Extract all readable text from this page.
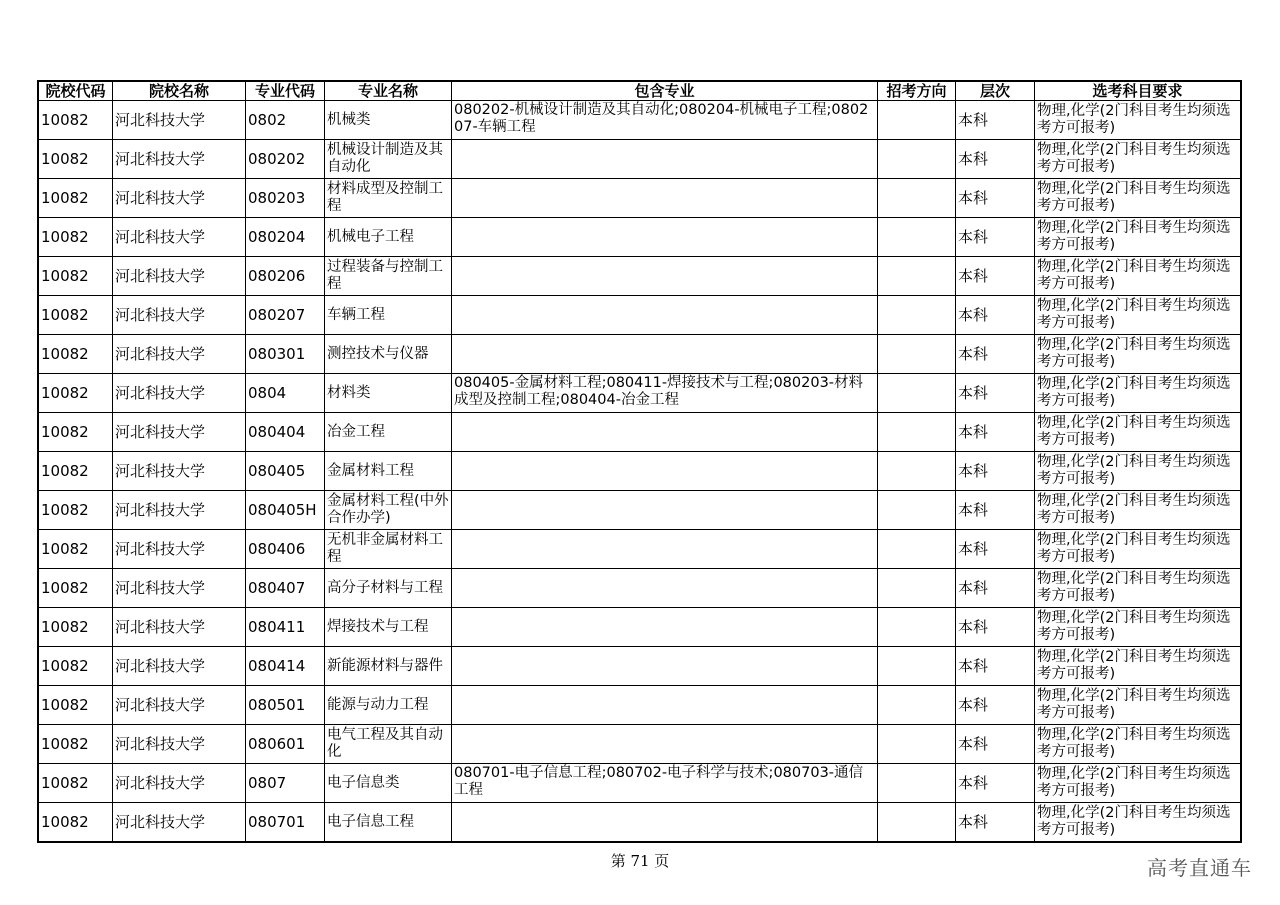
院校代码	院校名称	专业代码	专业名称	包含专业	招考方向	层次	选考科目要求
10082	河北科技大学	0802	机械类	080202-机械设计制造及其自动化;080204-机械电子工程;080207-车辆工程		本科	物理,化学(2门科目考生均须选考方可报考)
10082	河北科技大学	080202	机械设计制造及其自动化			本科	物理,化学(2门科目考生均须选考方可报考)
10082	河北科技大学	080203	材料成型及控制工程			本科	物理,化学(2门科目考生均须选考方可报考)
10082	河北科技大学	080204	机械电子工程			本科	物理,化学(2门科目考生均须选考方可报考)
10082	河北科技大学	080206	过程装备与控制工程			本科	物理,化学(2门科目考生均须选考方可报考)
10082	河北科技大学	080207	车辆工程			本科	物理,化学(2门科目考生均须选考方可报考)
10082	河北科技大学	080301	测控技术与仪器			本科	物理,化学(2门科目考生均须选考方可报考)
10082	河北科技大学	0804	材料类	080405-金属材料工程;080411-焊接技术与工程;080203-材料成型及控制工程;080404-冶金工程		本科	物理,化学(2门科目考生均须选考方可报考)
10082	河北科技大学	080404	冶金工程			本科	物理,化学(2门科目考生均须选考方可报考)
10082	河北科技大学	080405	金属材料工程			本科	物理,化学(2门科目考生均须选考方可报考)
10082	河北科技大学	080405H	金属材料工程(中外合作办学)			本科	物理,化学(2门科目考生均须选考方可报考)
10082	河北科技大学	080406	无机非金属材料工程			本科	物理,化学(2门科目考生均须选考方可报考)
10082	河北科技大学	080407	高分子材料与工程			本科	物理,化学(2门科目考生均须选考方可报考)
10082	河北科技大学	080411	焊接技术与工程			本科	物理,化学(2门科目考生均须选考方可报考)
10082	河北科技大学	080414	新能源材料与器件			本科	物理,化学(2门科目考生均须选考方可报考)
10082	河北科技大学	080501	能源与动力工程			本科	物理,化学(2门科目考生均须选考方可报考)
10082	河北科技大学	080601	电气工程及其自动化			本科	物理,化学(2门科目考生均须选考方可报考)
10082	河北科技大学	0807	电子信息类	080701-电子信息工程;080702-电子科学与技术;080703-通信工程		本科	物理,化学(2门科目考生均须选考方可报考)
10082	河北科技大学	080701	电子信息工程			本科	物理,化学(2门科目考生均须选考方可报考)
第 71 页	高考直通车
